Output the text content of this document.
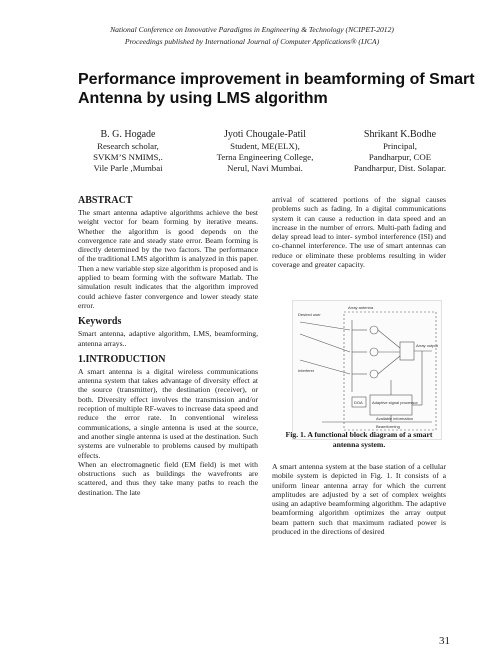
National Conference on Innovative Paradigms in Engineering & Technology (NCIPET-2012)
Proceedings published by International Journal of Computer Applications® (IJCA)
Performance improvement in beamforming of Smart Antenna by using LMS algorithm
B. G. Hogade
Research scholar,
SVKM’S NMIMS,.
Vile Parle ,Mumbai
Jyoti Chougale-Patil
Student, ME(ELX),
Terna Engineering College,
Nerul, Navi Mumbai.
Shrikant K.Bodhe
Principal,
Pandharpur, COE
Pandharpur, Dist. Solapar.
ABSTRACT

The smart antenna adaptive algorithms achieve the best weight vector for beam forming by iterative means. Whether the algorithm is good depends on the convergence rate and steady state error. Beam forming is directly determined by the two factors. The performance of the traditional LMS algorithm is analyzed in this paper. Then a new variable step size algorithm is proposed and is applied to beam forming with the software Matlab. The simulation result indicates that the algorithm improved could achieve faster convergence and lower steady state error.

Keywords

Smart antenna, adaptive algorithm, LMS, beamforming, antenna arrays..

1.INTRODUCTION

A smart antenna is a digital wireless communications antenna system that takes advantage of diversity effect at the source (transmitter), the destination (receiver), or both. Diversity effect involves the transmission and/or reception of multiple RF-waves to increase data speed and reduce the error rate. In conventional wireless communications, a single antenna is used at the source, and another single antenna is used at the destination. Such systems are vulnerable to problems caused by multipath effects.

When an electromagnetic field (EM field) is met with obstructions such as buildings the wavefronts are scattered, and thus they take many paths to reach the destination. The late

arrival of scattered portions of the signal causes problems such as fading. In a digital communications system it can cause a reduction in data speed and an increase in the number of errors. Multi-path fading and delay spread lead to inter- symbol interference (ISI) and co-channel interference. The use of smart antennas can reduce or eliminate these problems resulting in wider coverage and greater capacity.

Desired user
Array antenna
Interferer
Adaptive signal processor
DOA
Available information
Beamforming
Array output
Fig. 1. A functional block diagram of a smart antenna system.

A smart antenna system at the base station of a cellular mobile system is depicted in Fig. 1. It consists of a uniform linear antenna array for which the current amplitudes are adjusted by a set of complex weights using an adaptive beamforming algorithm. The adaptive beamforming algorithm optimizes the array output beam pattern such that maximum radiated power is produced in the directions of desired

31
